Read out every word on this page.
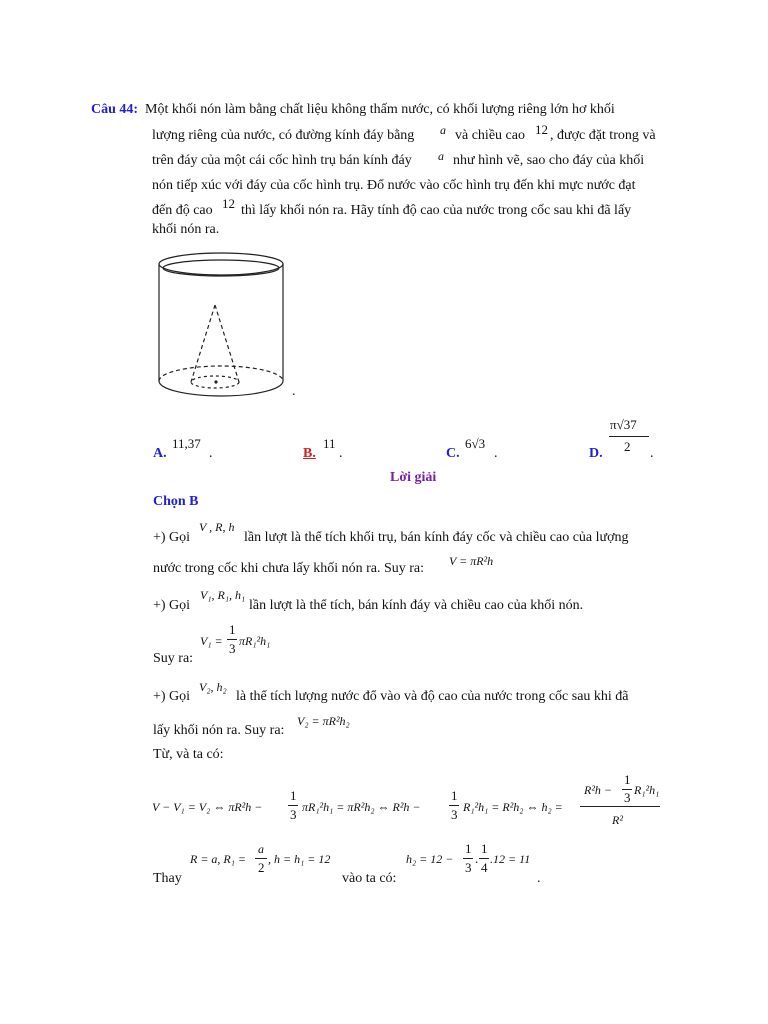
Câu 44: Một khối nón làm bằng chất liệu không thấm nước, có khối lượng riêng lớn hơ khối
lượng riêng của nước, có đường kính đáy bằng a và chiều cao 12 , được đặt trong và
trên đáy của một cái cốc hình trụ bán kính đáy a như hình vẽ, sao cho đáy của khối
nón tiếp xúc với đáy của cốc hình trụ. Đổ nước vào cốc hình trụ đến khi mực nước đạt
đến độ cao 12 thì lấy khối nón ra. Hãy tính độ cao của nước trong cốc sau khi đã lấy
khối nón ra.
.
A.
11,37
.	B.
11
.	C.
6√3
.	D.
π√37
2 .
Lời giải
Chọn B
+) Gọi
V , R, h
lần lượt là thể tích khối trụ, bán kính đáy cốc và chiều cao của lượng
nước trong cốc khi chưa lấy khối nón ra. Suy ra: V = πR²h
+) Gọi
V₁, R₁, h₁
lần lượt là thể tích, bán kính đáy và chiều cao của khối nón.
V₁ =
1
3 πR₁²h₁
Suy ra:
+) Gọi
V₂, h₂
là thể tích lượng nước đổ vào và độ cao của nước trong cốc sau khi đã
lấy khối nón ra. Suy ra:
V₂ = πR²h₂
Từ, và ta có:
V − V₁ = V₂ ⇔ πR²h −
1
3 πR₁²h₁ = πR²h₂ ⇔ R²h −
1
3 R₁²h₁ = R²h₂ ⇔ h₂ =
R²h −
1
3 R₁²h₁
R²
R = a, R₁ =
a
2
, h = h₁ = 12
Thay	vào ta có:
h₂ = 12 −
1
3
.
1
4
.12 = 11
.
